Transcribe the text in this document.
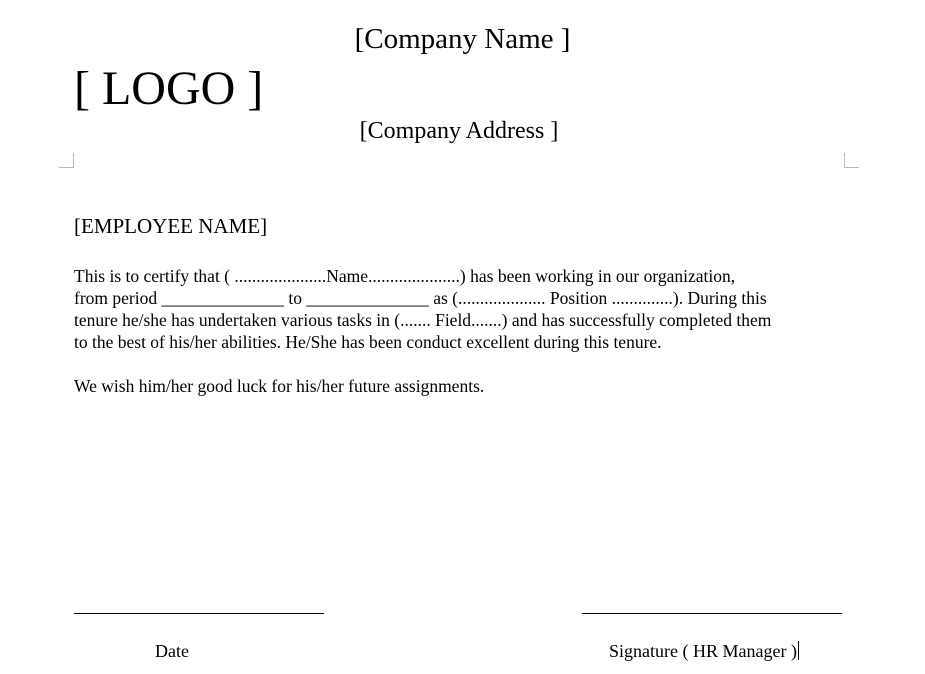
[Company Name ]
[ LOGO ]
[Company Address ]
[EMPLOYEE NAME]
This is to certify that ( .....................Name.....................) has been working in our organization,
from period ______________ to ______________ as (.................... Position ..............). During this
tenure he/she has undertaken various tasks in (....... Field.......) and has successfully completed them
to the best of his/her abilities. He/She has been conduct excellent during this tenure.
We wish him/her good luck for his/her future assignments.
Date	Signature ( HR Manager )
